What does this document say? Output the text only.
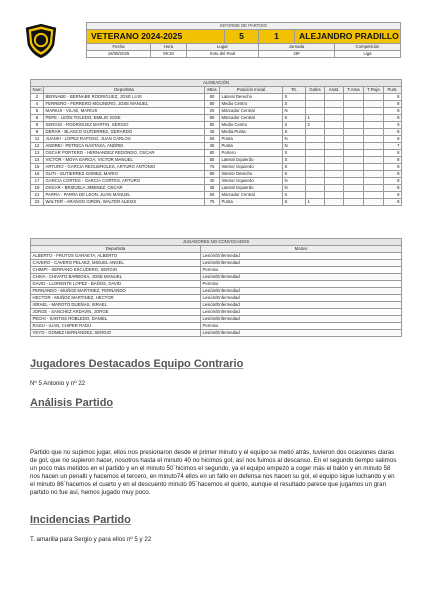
INFORME DE PARTIDO						
VETERANO 2024-2025			5	1	ALEJANDRO PRADILLO	
Fecha	Hora	Lugar		Jornada		Competición
18/05/2025	09:30	Soto del Real		28ª		Liga
ALINEACIÓN									
Num	Deportista	Mtos	Posición Inicial	Tit.	Goles	Asist.	T.Ama	T.Roja	Punt.
2	BERNABE - BERNABE RODRIGUEZ, JOSE LUIS	80	Lateral Derecho	S					8
4	FERRERO - FERRERO MOLINERO, JOSE MANUEL	80	Medio Centro	S					8
5	MARIUS - VILAE, MARIUS	20	Marcador Central	N					8
8	PEPE - LEÓN TOLEDO, EMILIO JOSE	80	Marcador Central	S	1				8
8	SERGIO - RODRIGUEZ MARTIN, SERGIO	80	Medio Centro	S	2				9
9	DERAR - BLANCO GUTIERREZ, GERARDO	45	Media Punta	S					8
11	JUANKI - LOPEZ RAPOSO, JUAN CARLOS	55	Punta	N					8
12	ANDREI - PETRICA NASTASA, ANDREI	35	Punta	N					7
13	OSCAR PORTERO - HERNANDEZ REDONDO, OSCAR	80	Portero	S					8
14	VICTOR - MOYA GARCIA, VICTOR MANUEL	55	Lateral Izquierdo	S					8
15	ARTURO - GARCIA REGUEROLES, ARTURO ANTONIO	75	Interior Izquierdo	S					8
16	GUTI - GUTIERREZ GOMEZ, MARIO	80	Interior Derecho	S					8
17	GARCIA CORTES - GARCIA CORTES, ARTURO	40	Interior Izquierdo	N					8
19	OSCAR - BRIZUELA JIMENEZ, OSCAR	35	Lateral Izquierdo	N					8
21	PARRA - PARRA DE LEON, JUAN MANUEL	55	Marcador Central	S					8
23	WALTER - ARANGO GIRON, WALTER ALEXIS	75	Punta	S	1				8
JUGADORES NO CONVOCADOS	
Deportista	Motivo
ALBERTO - FRUTOS GARAETA, ALBERTO	Lesión/Enfermedad
CAVERO - CAVERO PELAEZ, MIGUEL ANGEL	Lesión/Enfermedad
CHIMPI - SERRANO ESCUDERO, SERGIO	Permiso
CHIVA - CHIVATO BARBOSA, JOSE MANUEL	Lesión/Enfermedad
DAVID - LLORENTE LOPEZ - BAÑOS, DAVID	Permiso
FERNANDO - MUÑOZ MARTINEZ, FERNANDO	Lesión/Enfermedad
HECTOR - MUÑOZ MARTINEZ, HECTOR	Lesión/Enfermedad
ISRAEL - MAROTO DUEÑAS, ISRAEL	Lesión/Enfermedad
JORGE - SANCHEZ ARDAVIN, JORGE	Lesión/Enfermedad
PECHI - SANTOS ROBLEDO, DANIEL	Lesión/Enfermedad
RADU - ILIAN, CHIPER RADU	Permiso
YEYO - GOMEZ HERNANDEZ, SERGIO	Lesión/Enfermedad
Jugadores Destacados Equipo Contrario
Nº 5 Antonio y nº 22
Análisis Partido
Partido que no supimos jugar, ellos nos presionaron desde el primer minuto y el equipo se metió atrás, tuvieron dos ocasiones claras de gol, que no supieron hacer, nosotros hasta el minuto 40 no hicimos gol, así nos fuimos al descanso. En el segundo tiempo salimos un poco más metidos en el partido y en el minuto 50´hicimos el segundo, ya el equipo empezó a coger más el balón y en minuto 58 nos hacen un penalti y hacemos el tercero, en minuto74 ellos en un fallo en defensa nos hacen su gol, el equipo sigue luchando y en el minuto 86´hacemos el cuarto y en el descuento minuto 95´hacemos el quinto, aunque el resultado parece que jugamos un gran partido no fue así, hemos jugado muy poco.
Incidencias Partido
T. amarilla para Sergio y para ellos nº 5 y 22
